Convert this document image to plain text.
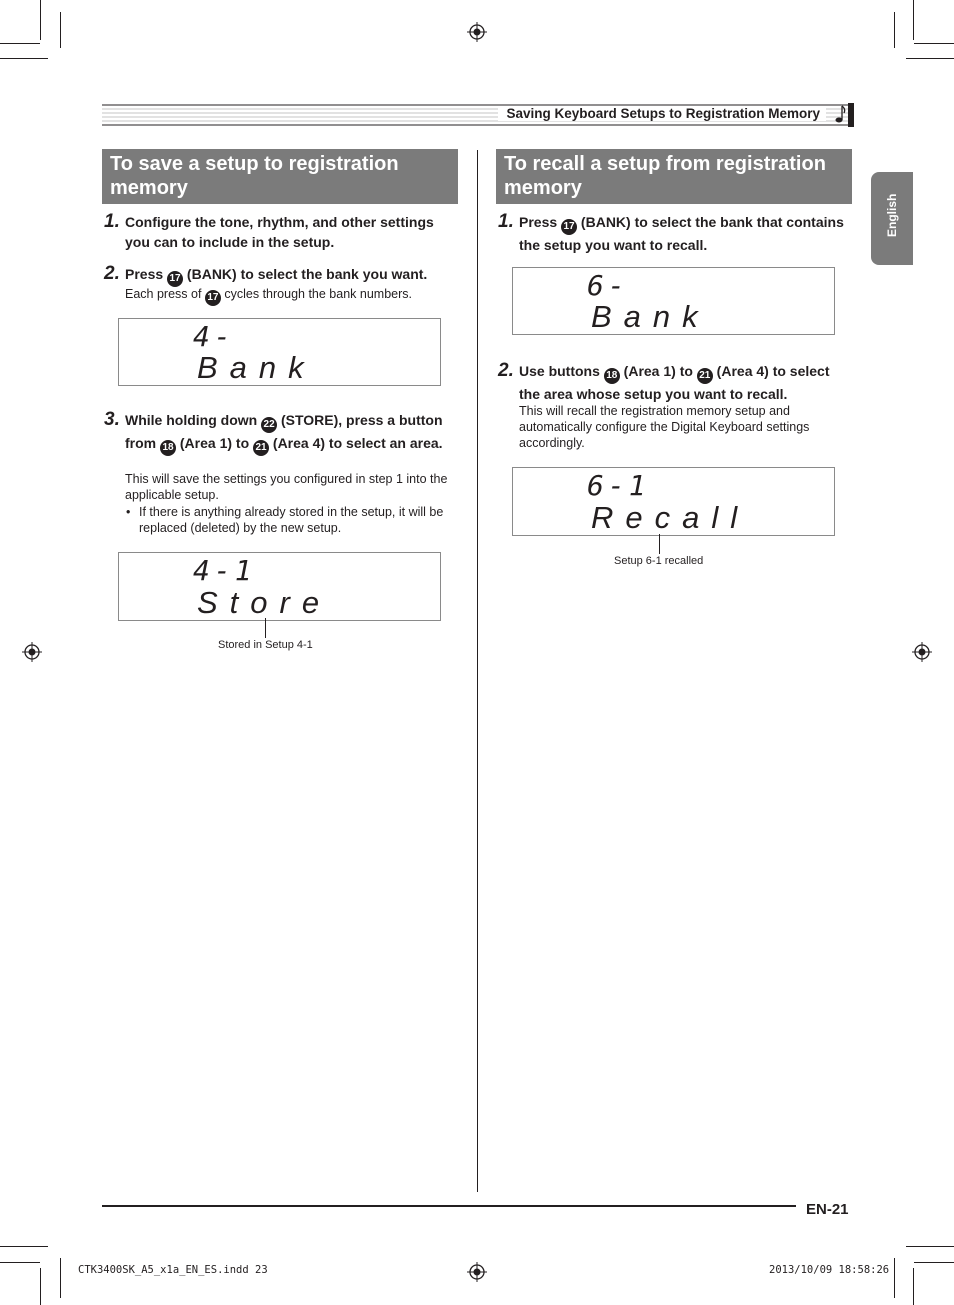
Saving Keyboard Setups to Registration Memory
English
To save a setup to registration memory
1. Configure the tone, rhythm, and other settings you can to include in the setup.
2. Press 17 (BANK) to select the bank you want.
Each press of 17 cycles through the bank numbers.
4-
Bank
3. While holding down 22 (STORE), press a button from 18 (Area 1) to 21 (Area 4) to select an area.
This will save the settings you configured in step 1 into the applicable setup.
• If there is anything already stored in the setup, it will be replaced (deleted) by the new setup.
4-1
Store
Stored in Setup 4-1
To recall a setup from registration memory
1. Press 17 (BANK) to select the bank that contains the setup you want to recall.
6-
Bank
2. Use buttons 18 (Area 1) to 21 (Area 4) to select the area whose setup you want to recall.
This will recall the registration memory setup and automatically configure the Digital Keyboard settings accordingly.
6-1
Recall
Setup 6-1 recalled
EN-21
CTK3400SK_A5_x1a_EN_ES.indd 23	2013/10/09 18:58:26
